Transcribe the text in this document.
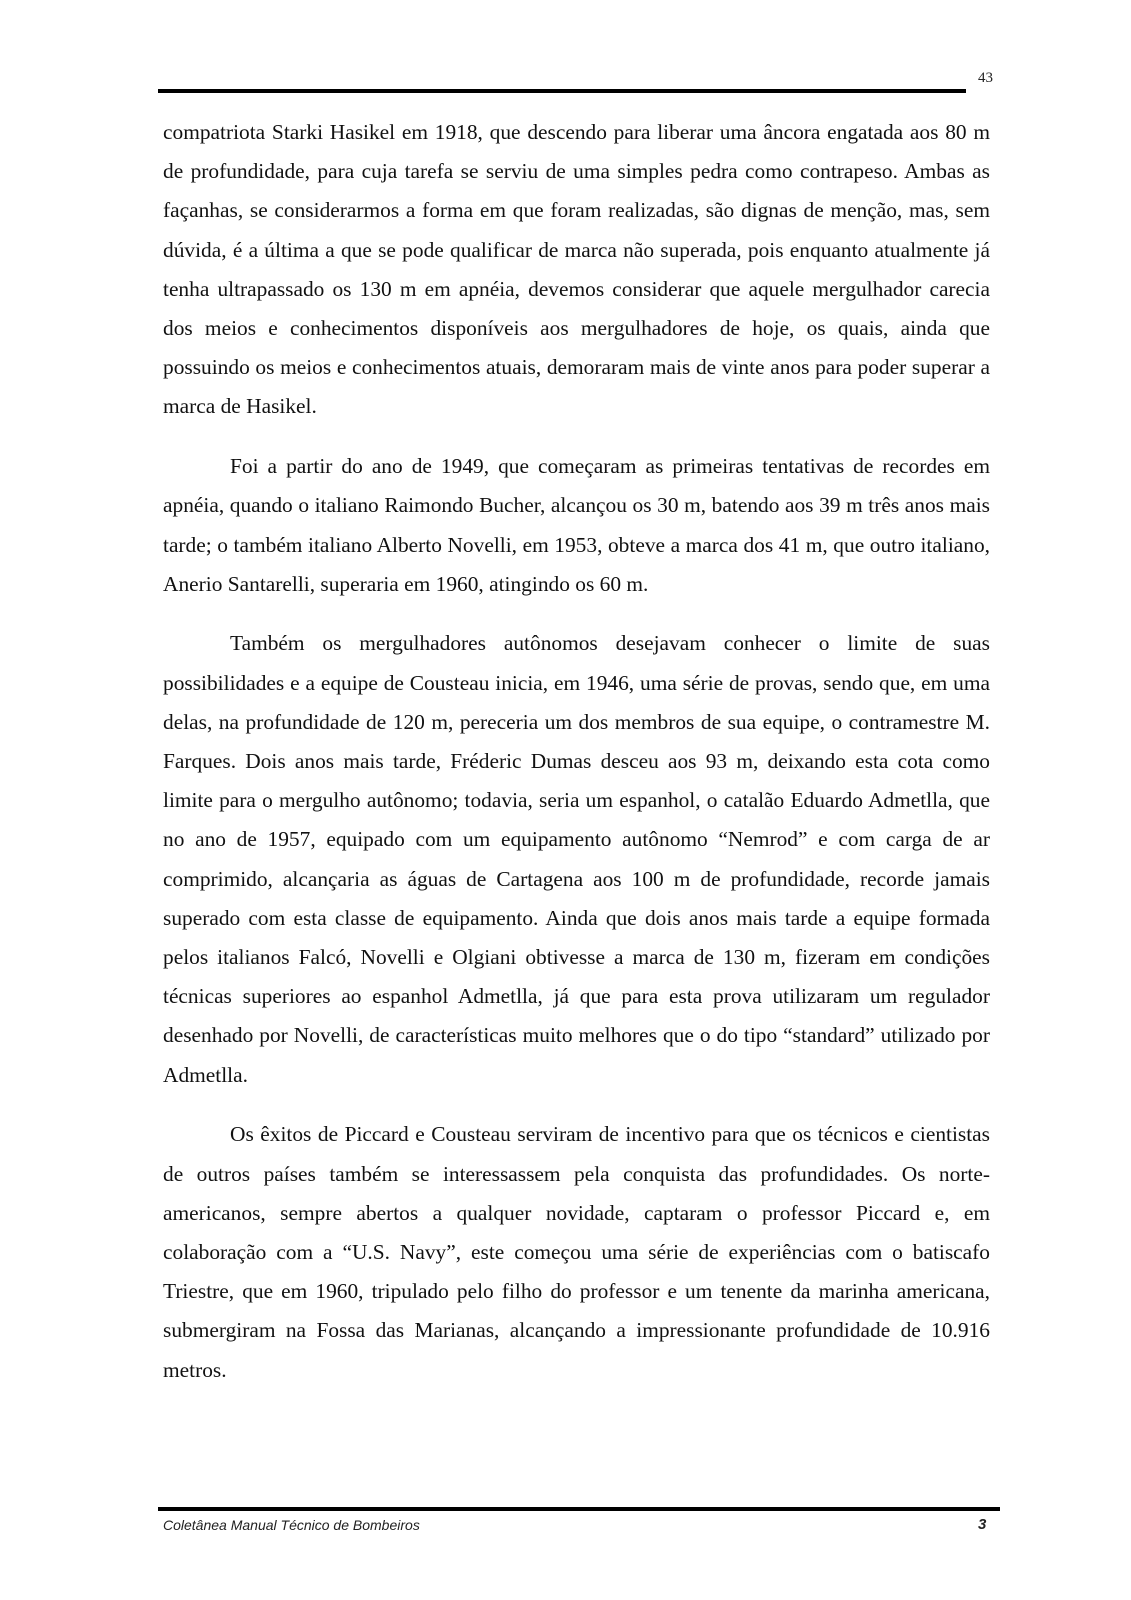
43

compatriota Starki Hasikel em 1918, que descendo para liberar uma âncora engatada aos 80 m de profundidade, para cuja tarefa se serviu de uma simples pedra como contrapeso. Ambas as façanhas, se considerarmos a forma em que foram realizadas, são dignas de menção, mas, sem dúvida, é a última a que se pode qualificar de marca não superada, pois enquanto atualmente já tenha ultrapassado os 130 m em apnéia, devemos considerar que aquele mergulhador carecia dos meios e conhecimentos disponíveis aos mergulhadores de hoje, os quais, ainda que possuindo os meios e conhecimentos atuais, demoraram mais de vinte anos para poder superar a marca de Hasikel.

Foi a partir do ano de 1949, que começaram as primeiras tentativas de recordes em apnéia, quando o italiano Raimondo Bucher, alcançou os 30 m, batendo aos 39 m três anos mais tarde; o também italiano Alberto Novelli, em 1953, obteve a marca dos 41 m, que outro italiano, Anerio Santarelli, superaria em 1960, atingindo os 60 m.

Também os mergulhadores autônomos desejavam conhecer o limite de suas possibilidades e a equipe de Cousteau inicia, em 1946, uma série de provas, sendo que, em uma delas, na profundidade de 120 m, pereceria um dos membros de sua equipe, o contramestre M. Farques. Dois anos mais tarde, Fréderic Dumas desceu aos 93 m, deixando esta cota como limite para o mergulho autônomo; todavia, seria um espanhol, o catalão Eduardo Admetlla, que no ano de 1957, equipado com um equipamento autônomo “Nemrod” e com carga de ar comprimido, alcançaria as águas de Cartagena aos 100 m de profundidade, recorde jamais superado com esta classe de equipamento. Ainda que dois anos mais tarde a equipe formada pelos italianos Falcó, Novelli e Olgiani obtivesse a marca de 130 m, fizeram em condições técnicas superiores ao espanhol Admetlla, já que para esta prova utilizaram um regulador desenhado por Novelli, de características muito melhores que o do tipo “standard” utilizado por Admetlla.

Os êxitos de Piccard e Cousteau serviram de incentivo para que os técnicos e cientistas de outros países também se interessassem pela conquista das profundidades. Os norte-americanos, sempre abertos a qualquer novidade, captaram o professor Piccard e, em colaboração com a “U.S. Navy”, este começou uma série de experiências com o batiscafo Triestre, que em 1960, tripulado pelo filho do professor e um tenente da marinha americana, submergiram na Fossa das Marianas, alcançando a impressionante profundidade de 10.916 metros.

Coletânea Manual Técnico de Bombeiros	3
